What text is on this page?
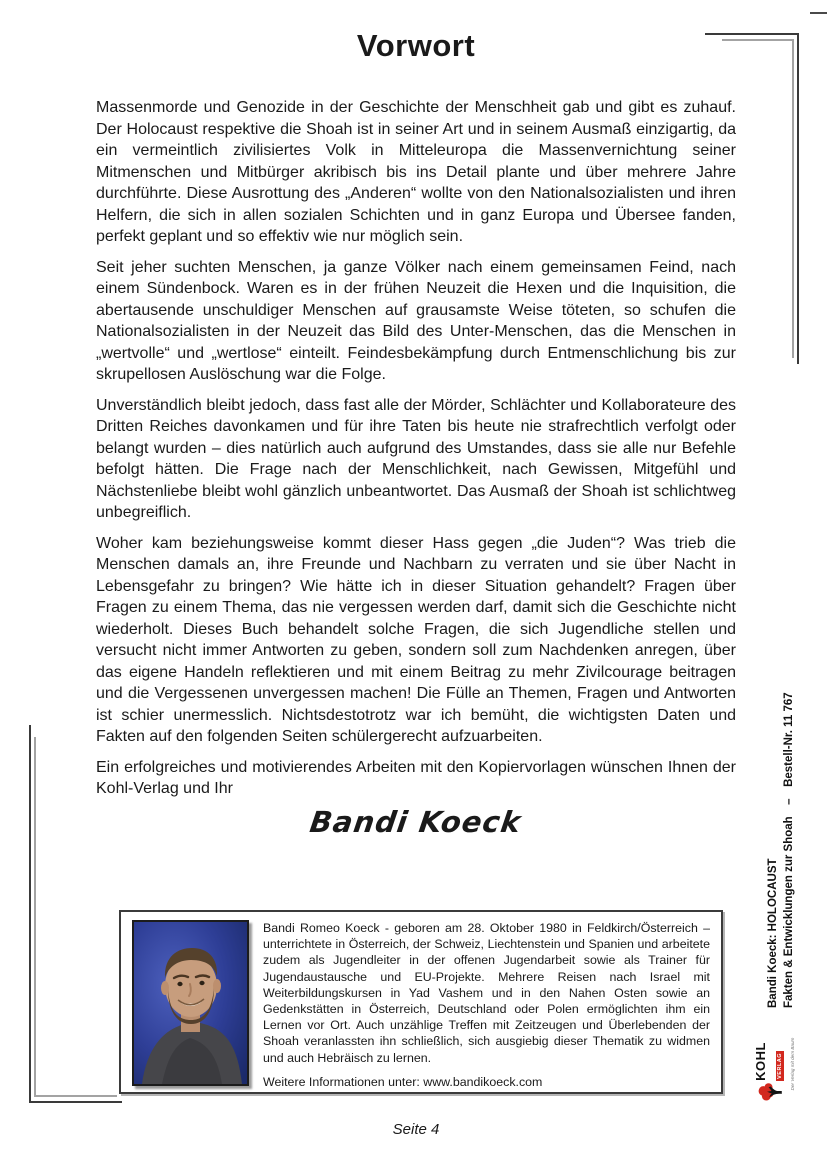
Vorwort

Massenmorde und Genozide in der Geschichte der Menschheit gab und gibt es zuhauf. Der Holocaust respektive die Shoah ist in seiner Art und in seinem Ausmaß einzigartig, da ein vermeintlich zivilisiertes Volk in Mitteleuropa die Massenvernichtung seiner Mitmenschen und Mitbürger akribisch bis ins Detail plante und über mehrere Jahre durchführte. Diese Ausrottung des „Anderen“ wollte von den Nationalsozialisten und ihren Helfern, die sich in allen sozialen Schichten und in ganz Europa und Übersee fanden, perfekt geplant und so effektiv wie nur möglich sein.

Seit jeher suchten Menschen, ja ganze Völker nach einem gemeinsamen Feind, nach einem Sündenbock. Waren es in der frühen Neuzeit die Hexen und die Inquisition, die abertausende unschuldiger Menschen auf grausamste Weise töteten, so schufen die Nationalsozialisten in der Neuzeit das Bild des Unter-Menschen, das die Menschen in „wertvolle“ und „wertlose“ einteilt. Feindesbekämpfung durch Entmenschlichung bis zur skrupellosen Auslöschung war die Folge.

Unverständlich bleibt jedoch, dass fast alle der Mörder, Schlächter und Kollaborateure des Dritten Reiches davonkamen und für ihre Taten bis heute nie strafrechtlich verfolgt oder belangt wurden – dies natürlich auch aufgrund des Umstandes, dass sie alle nur Befehle befolgt hätten. Die Frage nach der Menschlichkeit, nach Gewissen, Mitgefühl und Nächstenliebe bleibt wohl gänzlich unbeantwortet. Das Ausmaß der Shoah ist schlichtweg unbegreiflich.

Woher kam beziehungsweise kommt dieser Hass gegen „die Juden“? Was trieb die Menschen damals an, ihre Freunde und Nachbarn zu verraten und sie über Nacht in Lebensgefahr zu bringen? Wie hätte ich in dieser Situation gehandelt? Fragen über Fragen zu einem Thema, das nie vergessen werden darf, damit sich die Geschichte nicht wiederholt. Dieses Buch behandelt solche Fragen, die sich Jugendliche stellen und versucht nicht immer Antworten zu geben, sondern soll zum Nachdenken anregen, über das eigene Handeln reflektieren und mit einem Beitrag zu mehr Zivilcourage beitragen und die Vergessenen unvergessen machen! Die Fülle an Themen, Fragen und Antworten ist schier unermesslich. Nichtsdestotrotz war ich bemüht, die wichtigsten Daten und Fakten auf den folgenden Seiten schülergerecht aufzuarbeiten.

Ein erfolgreiches und motivierendes Arbeiten mit den Kopiervorlagen wünschen Ihnen der Kohl-Verlag und Ihr

Bandi Koeck

Bandi Romeo Koeck - geboren am 28. Oktober 1980 in Feldkirch/Österreich – unterrichtete in Österreich, der Schweiz, Liechtenstein und Spanien und arbeitete zudem als Jugendleiter in der offenen Jugendarbeit sowie als Trainer für Jugendaustausche und EU-Projekte. Mehrere Reisen nach Israel mit Weiterbildungskursen in Yad Vashem und in den Nahen Osten sowie an Gedenkstätten in Österreich, Deutschland oder Polen ermöglichten ihm ein Lernen vor Ort. Auch unzählige Treffen mit Zeitzeugen und Überlebenden der Shoah veranlassten ihn schließlich, sich ausgiebig dieser Thematik zu widmen und auch Hebräisch zu lernen.

Weitere Informationen unter: www.bandikoeck.com

Bandi Koeck: HOLOCAUST Fakten & Entwicklungen zur Shoah – Bestell-Nr. 11 767
KOHL VERLAG	Der Verlag mit dem Baum
Seite 4
